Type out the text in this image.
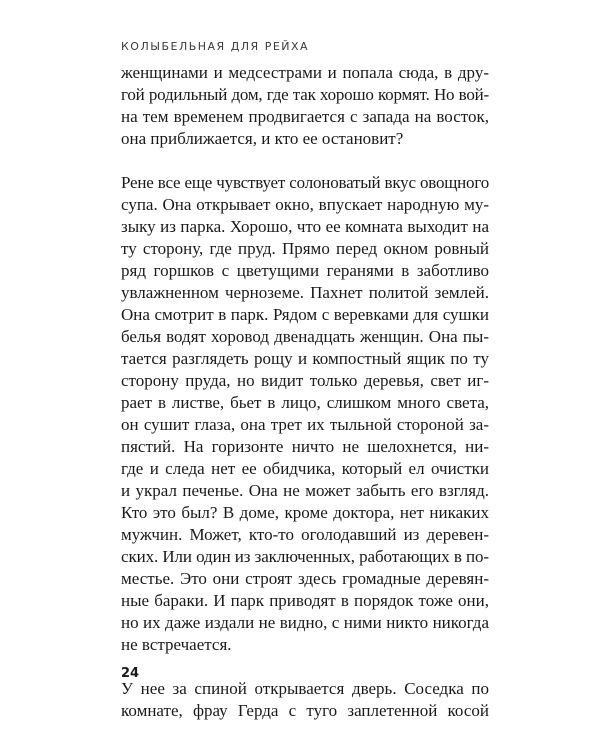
КОЛЫБЕЛЬНАЯ ДЛЯ РЕЙХА
женщинами и медсестрами и попала сюда, в дру-
гой родильный дом, где так хорошо кормят. Но вой-
на тем временем продвигается с запада на восток,
она приближается, и кто ее остановит?
Рене все еще чувствует солоноватый вкус овощного
супа. Она открывает окно, впускает народную му-
зыку из парка. Хорошо, что ее комната выходит на
ту сторону, где пруд. Прямо перед окном ровный
ряд горшков с цветущими геранями в заботливо
увлажненном черноземе. Пахнет политой землей.
Она смотрит в парк. Рядом с веревками для сушки
белья водят хоровод двенадцать женщин. Она пы-
тается разглядеть рощу и компостный ящик по ту
сторону пруда, но видит только деревья, свет иг-
рает в листве, бьет в лицо, слишком много света,
он сушит глаза, она трет их тыльной стороной за-
пястий. На горизонте ничто не шелохнется, ни-
где и следа нет ее обидчика, который ел очистки
и украл печенье. Она не может забыть его взгляд.
Кто это был? В доме, кроме доктора, нет никаких
мужчин. Может, кто-то оголодавший из деревен-
ских. Или один из заключенных, работающих в по-
местье. Это они строят здесь громадные деревян-
ные бараки. И парк приводят в порядок тоже они,
но их даже издали не видно, с ними никто никогда
не встречается.
У нее за спиной открывается дверь. Соседка по
комнате, фрау Герда с туго заплетенной косой
24
